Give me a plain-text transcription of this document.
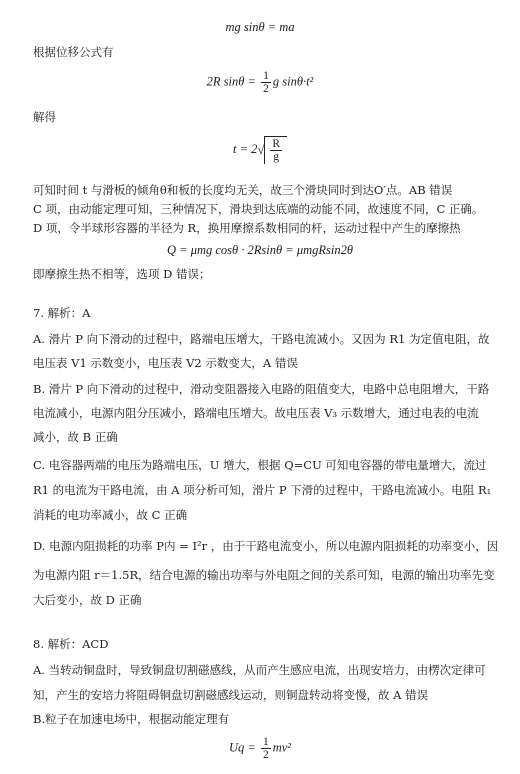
mg sinθ = ma
根据位移公式有
2R $\sin\theta = \frac{1}{2}$ g sinθ·t²
解得
$t = 2√ \frac{R}{g}$
可知时间 t 与滑板的倾角θ和板的长度均无关，故三个滑块同时到达O′点。AB 错误
C 项，由动能定理可知，三种情况下，滑块到达底端的动能不同，故速度不同，C 正确。
D 项，令半球形容器的半径为 R，换用摩擦系数相同的杆，运动过程中产生的摩擦热
Q = μmg cosθ · 2Rsinθ = μmgRsin2θ
即摩擦生热不相等，选项 D 错误；
7. 解析：A
A. 滑片 P 向下滑动的过程中，路端电压增大，干路电流减小。又因为 R1 为定值电阻，故
电压表 V1 示数变小，电压表 V2 示数变大，A 错误
B. 滑片 P 向下滑动的过程中，滑动变阻器接入电路的阻值变大，电路中总电阻增大，干路
电流减小，电源内阻分压减小，路端电压增大。故电压表 V₃ 示数增大，通过电表的电流
减小，故 B 正确
C. 电容器两端的电压为路端电压，U 增大，根据 Q=CU 可知电容器的带电量增大，流过
R1 的电流为干路电流，由 A 项分析可知，滑片 P 下滑的过程中，干路电流减小。电阻 R₁
消耗的电功率减小，故 C 正确
D. 电源内阻损耗的功率 P内 = I²r ，由于干路电流变小，所以电源内阻损耗的功率变小，因
为电源内阻 r＝1.5R，结合电源的输出功率与外电阻之间的关系可知，电源的输出功率先变
大后变小，故 D 正确
8. 解析：ACD
A. 当转动铜盘时，导致铜盘切割磁感线，从而产生感应电流，出现安培力，由楞次定律可
知，产生的安培力将阻碍铜盘切割磁感线运动，则铜盘转动将变慢，故 A 错误
B.粒子在加速电场中，根据动能定理有
$Uq = \frac{1}{2} mv^2$
